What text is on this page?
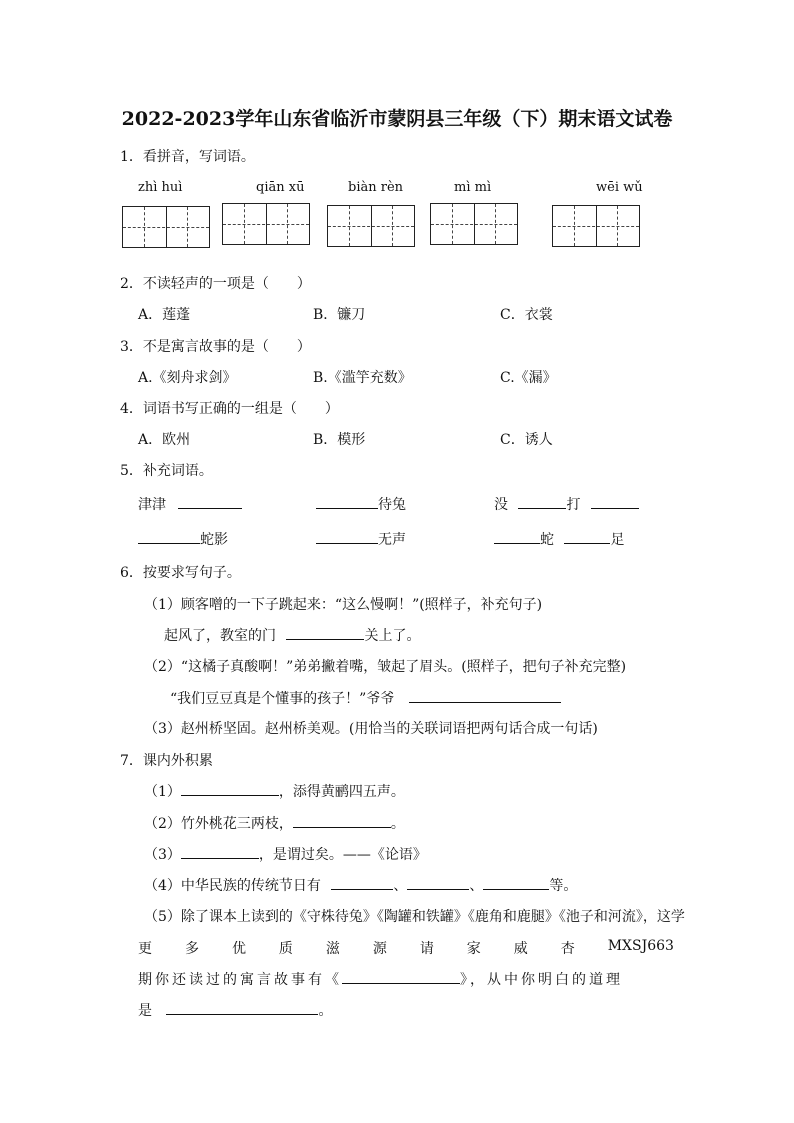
2022-2023学年山东省临沂市蒙阴县三年级（下）期末语文试卷
1．看拼音，写词语。
zhì huì	qiān xū	biàn rèn	mì mì	wēi wǔ
2．不读轻声的一项是（　　）
A．莲蓬	B．镰刀	C．衣裳
3．不是寓言故事的是（　　）
A.《刻舟求剑》	B.《滥竽充数》	C.《漏》
4．词语书写正确的一组是（　　）
A．欧州	B．模形	C．诱人
5．补充词语。
津津	待兔	没	打
蛇影	无声	蛇	足
6．按要求写句子。
（1）顾客噌的一下子跳起来：“这么慢啊！”(照样子，补充句子)
起风了，教室的门	关上了。
（2）“这橘子真酸啊！”弟弟撇着嘴，皱起了眉头。(照样子，把句子补充完整)
“我们豆豆真是个懂事的孩子！”爷爷
（3）赵州桥坚固。赵州桥美观。(用恰当的关联词语把两句话合成一句话)
7．课内外积累
（1）	，添得黄鹂四五声。
（2）竹外桃花三两枝，	。
（3）	，是谓过矣。——《论语》
（4）中华民族的传统节日有	、	、	等。
（5）除了课本上读到的《守株待兔》《陶罐和铁罐》《鹿角和鹿腿》《池子和河流》，这学
更 多 优 质 滋 源 请 家 威 杏 MXSJ663
期你还读过的寓言故事有《	》，从中你明白的道理
是	。
